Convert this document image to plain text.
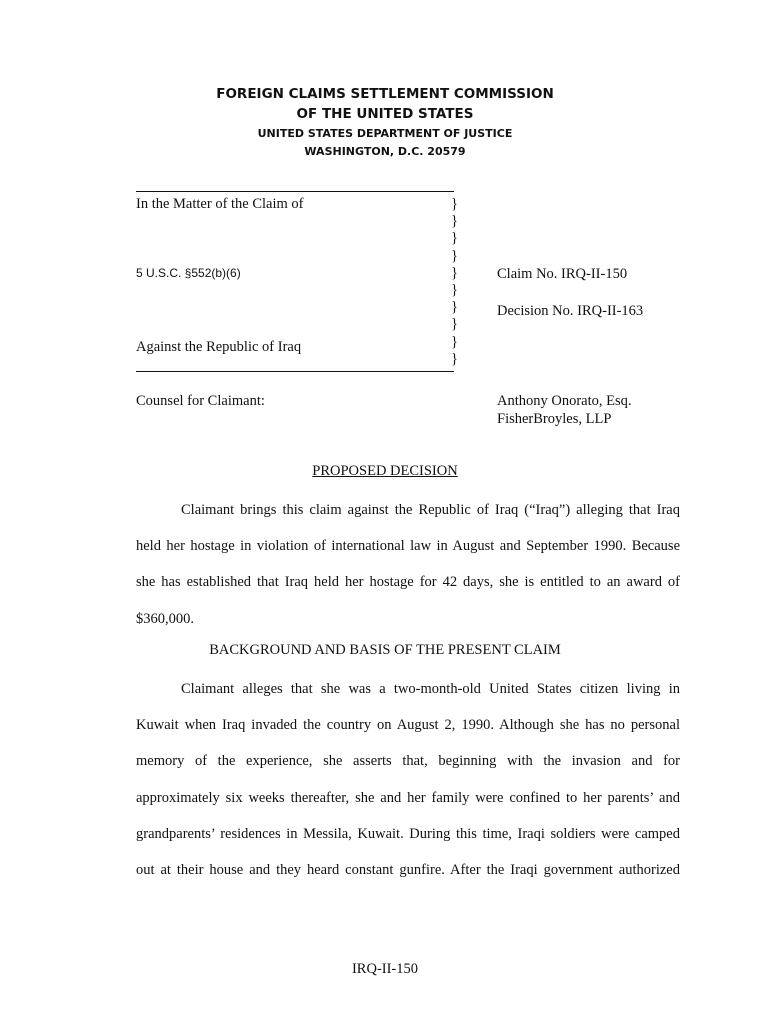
FOREIGN CLAIMS SETTLEMENT COMMISSION
OF THE UNITED STATES
UNITED STATES DEPARTMENT OF JUSTICE
WASHINGTON, D.C. 20579
In the Matter of the Claim of
5 U.S.C. §552(b)(6)
Against the Republic of Iraq
}
}
}
}
}
}
}
}
}
}
Claim No. IRQ-II-150
Decision No. IRQ-II-163
Counsel for Claimant:	Anthony Onorato, Esq.
FisherBroyles, LLP
PROPOSED DECISION
Claimant brings this claim against the Republic of Iraq (“Iraq”) alleging that Iraq
held her hostage in violation of international law in August and September 1990. Because
she has established that Iraq held her hostage for 42 days, she is entitled to an award of
$360,000.
BACKGROUND AND BASIS OF THE PRESENT CLAIM
Claimant alleges that she was a two-month-old United States citizen living in
Kuwait when Iraq invaded the country on August 2, 1990. Although she has no personal
memory of the experience, she asserts that, beginning with the invasion and for
approximately six weeks thereafter, she and her family were confined to her parents’ and
grandparents’ residences in Messila, Kuwait. During this time, Iraqi soldiers were camped
out at their house and they heard constant gunfire. After the Iraqi government authorized
IRQ-II-150
